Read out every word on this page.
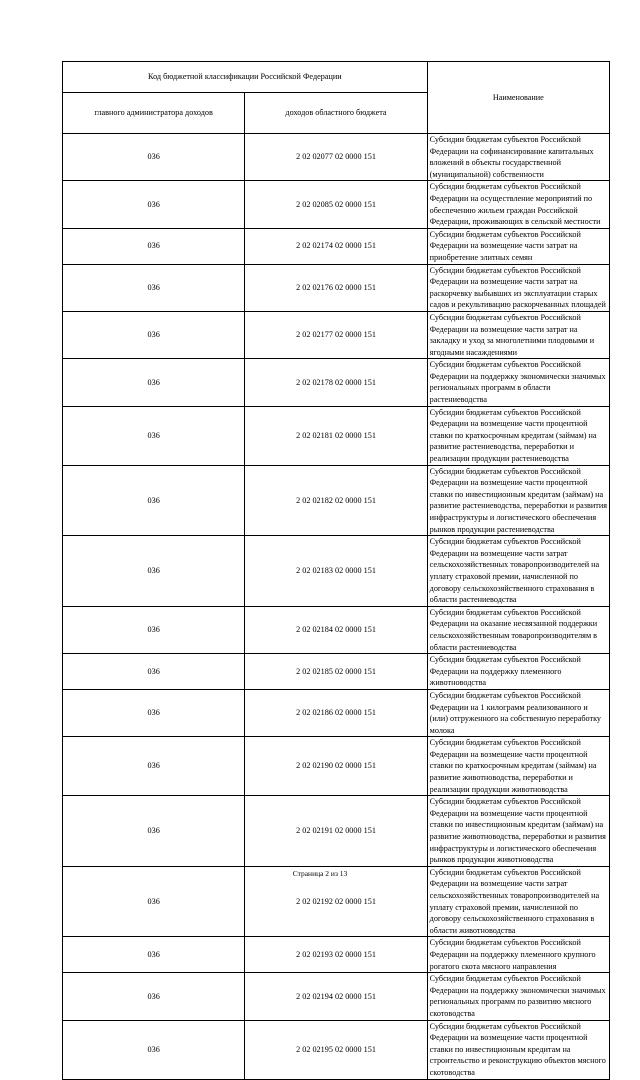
Код бюджетной классификации Российской Федерации		Наименование
главного администратора доходов	доходов областного бюджета	
036	2 02 02077 02 0000 151	Субсидии бюджетам субъектов Российской Федерации на софинансирование капитальных вложений в объекты государственной (муниципальной) собственности
036	2 02 02085 02 0000 151	Субсидии бюджетам субъектов Российской Федерации на осуществление мероприятий по обеспечению жильем граждан Российской Федерации, проживающих в сельской местности
036	2 02 02174 02 0000 151	Субсидии бюджетам субъектов Российской Федерации на возмещение части затрат на приобретение элитных семян
036	2 02 02176 02 0000 151	Субсидии бюджетам субъектов Российской Федерации на возмещение части затрат на раскорчевку выбывших из эксплуатации старых садов и рекультивацию раскорчеванных площадей
036	2 02 02177 02 0000 151	Субсидии бюджетам субъектов Российской Федерации на возмещение части затрат на закладку и уход за многолетними плодовыми и ягодными насаждениями
036	2 02 02178 02 0000 151	Субсидии бюджетам субъектов Российской Федерации на поддержку экономически значимых региональных программ в области растениеводства
036	2 02 02181 02 0000 151	Субсидии бюджетам субъектов Российской Федерации на возмещение части процентной ставки по краткосрочным кредитам (займам) на развитие растениеводства, переработки и реализации продукции растениеводства
036	2 02 02182 02 0000 151	Субсидии бюджетам субъектов Российской Федерации на возмещение части процентной ставки по инвестиционным кредитам (займам) на развитие растениеводства, переработки и развития инфраструктуры и логистического обеспечения рынков продукции растениеводства
036	2 02 02183 02 0000 151	Субсидии бюджетам субъектов Российской Федерации на возмещение части затрат сельскохозяйственных товаропроизводителей на уплату страховой премии, начисленной по договору сельскохозяйственного страхования в области растениеводства
036	2 02 02184 02 0000 151	Субсидии бюджетам субъектов Российской Федерации на оказание несвязанной поддержки сельскохозяйственным товаропроизводителям в области растениеводства
036	2 02 02185 02 0000 151	Субсидии бюджетам субъектов Российской Федерации на поддержку племенного животноводства
036	2 02 02186 02 0000 151	Субсидии бюджетам субъектов Российской Федерации на 1 килограмм реализованного и (или) отгруженного на собственную переработку молока
036	2 02 02190 02 0000 151	Субсидии бюджетам субъектов Российской Федерации на возмещение части процентной ставки по краткосрочным кредитам (займам) на развитие животноводства, переработки и реализации продукции животноводства
036	2 02 02191 02 0000 151	Субсидии бюджетам субъектов Российской Федерации на возмещение части процентной ставки по инвестиционным кредитам (займам) на развитие животноводства, переработки и развития инфраструктуры и логистического обеспечения рынков продукции животноводства
036	2 02 02192 02 0000 151	Субсидии бюджетам субъектов Российской Федерации на возмещение части затрат сельскохозяйственных товаропроизводителей на уплату страховой премии, начисленной по договору сельскохозяйственного страхования в области животноводства
036	2 02 02193 02 0000 151	Субсидии бюджетам субъектов Российской Федерации на поддержку племенного крупного рогатого скота мясного направления
036	2 02 02194 02 0000 151	Субсидии бюджетам субъектов Российской Федерации на поддержку экономически значимых региональных программ по развитию мясного скотоводства
036	2 02 02195 02 0000 151	Субсидии бюджетам субъектов Российской Федерации на возмещение части процентной ставки по инвестиционным кредитам на строительство и реконструкцию объектов мясного скотоводства
Страница 2 из 13
